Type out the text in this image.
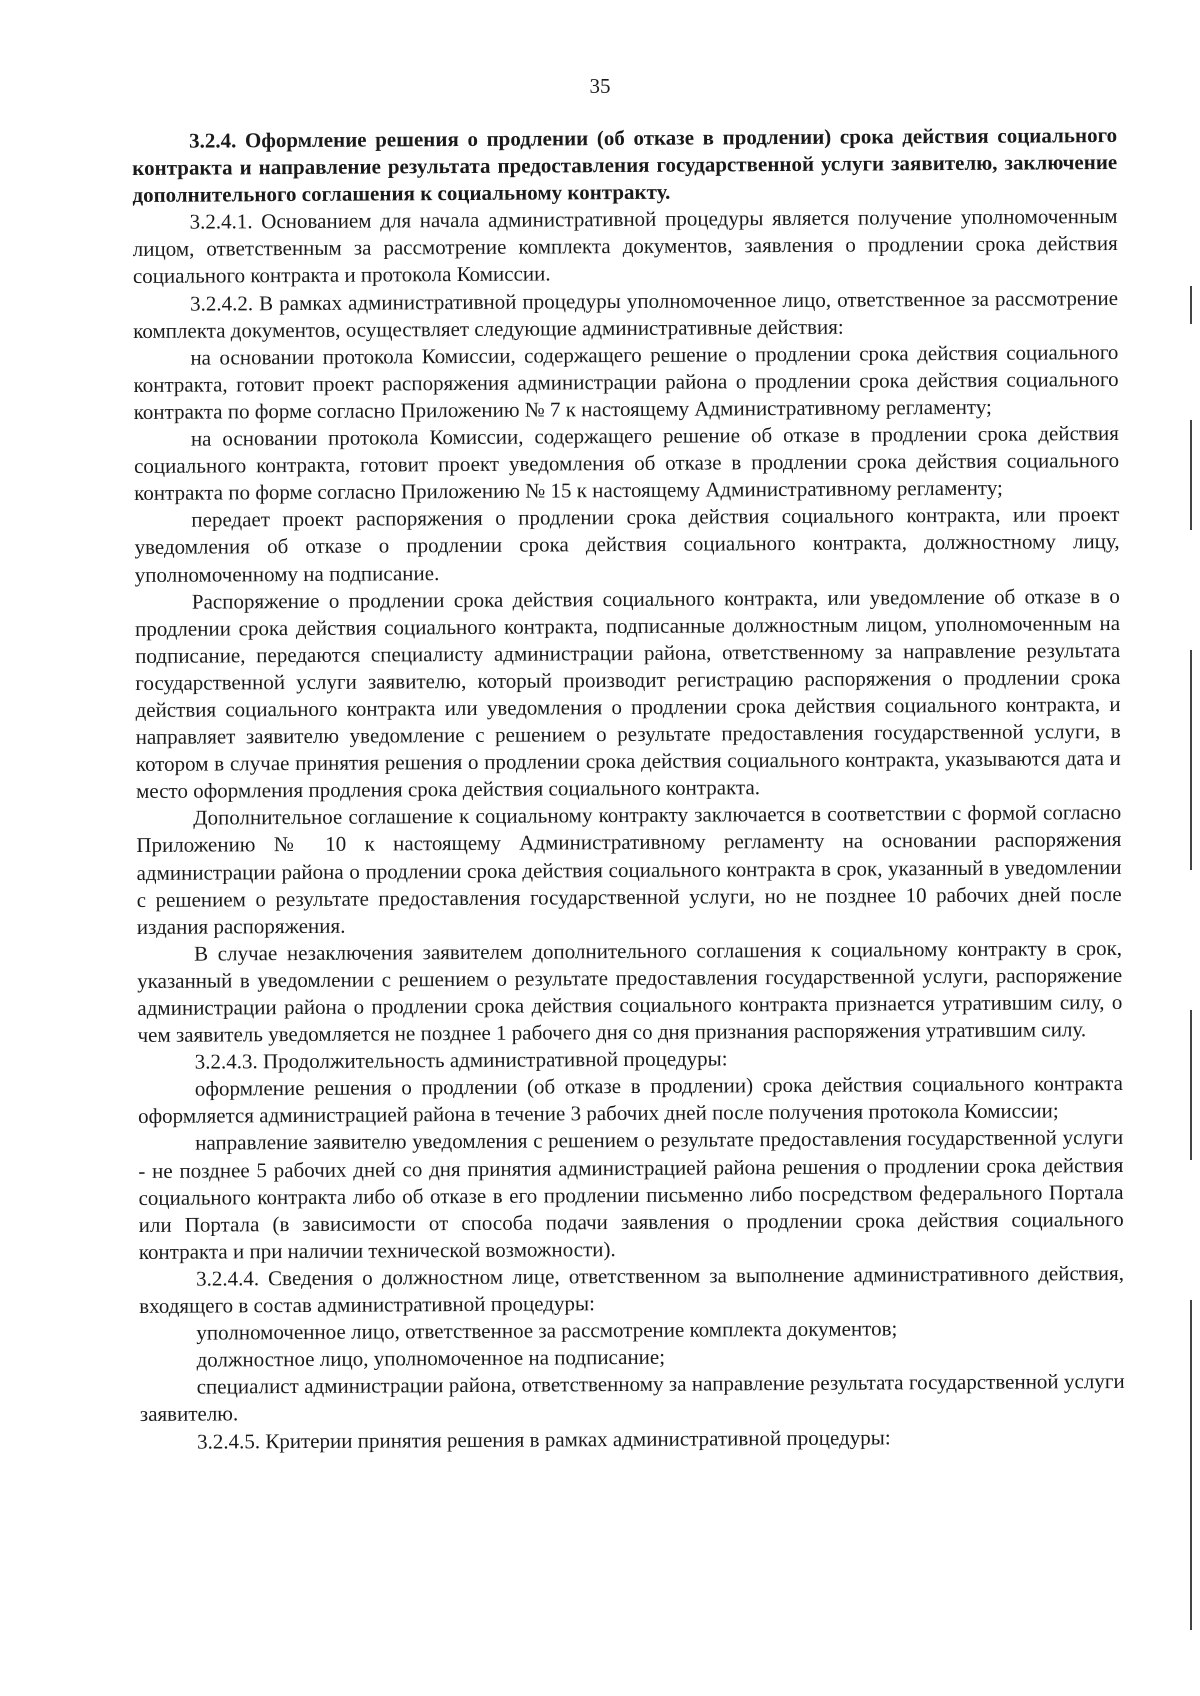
35

3.2.4. Оформление решения о продлении (об отказе в продлении) срока действия социального контракта и направление результата предоставления государственной услуги заявителю, заключение дополнительного соглашения к социальному контракту.

3.2.4.1. Основанием для начала административной процедуры является получение уполномоченным лицом, ответственным за рассмотрение комплекта документов, заявления о продлении срока действия социального контракта и протокола Комиссии.

3.2.4.2. В рамках административной процедуры уполномоченное лицо, ответственное за рассмотрение комплекта документов, осуществляет следующие административные действия:

на основании протокола Комиссии, содержащего решение о продлении срока действия социального контракта, готовит проект распоряжения администрации района о продлении срока действия социального контракта по форме согласно Приложению № 7 к настоящему Административному регламенту;

на основании протокола Комиссии, содержащего решение об отказе в продлении срока действия социального контракта, готовит проект уведомления об отказе в продлении срока действия социального контракта по форме согласно Приложению № 15 к настоящему Административному регламенту;

передает проект распоряжения о продлении срока действия социального контракта, или проект уведомления об отказе о продлении срока действия социального контракта, должностному лицу, уполномоченному на подписание.

Распоряжение о продлении срока действия социального контракта, или уведомление об отказе в о продлении срока действия социального контракта, подписанные должностным лицом, уполномоченным на подписание, передаются специалисту администрации района, ответственному за направление результата государственной услуги заявителю, который производит регистрацию распоряжения о продлении срока действия социального контракта или уведомления о продлении срока действия социального контракта, и направляет заявителю уведомление с решением о результате предоставления государственной услуги, в котором в случае принятия решения о продлении срока действия социального контракта, указываются дата и место оформления продления срока действия социального контракта.

Дополнительное соглашение к социальному контракту заключается в соответствии с формой согласно Приложению № 10 к настоящему Административному регламенту на основании распоряжения администрации района о продлении срока действия социального контракта в срок, указанный в уведомлении с решением о результате предоставления государственной услуги, но не позднее 10 рабочих дней после издания распоряжения.

В случае незаключения заявителем дополнительного соглашения к социальному контракту в срок, указанный в уведомлении с решением о результате предоставления государственной услуги, распоряжение администрации района о продлении срока действия социального контракта признается утратившим силу, о чем заявитель уведомляется не позднее 1 рабочего дня со дня признания распоряжения утратившим силу.

3.2.4.3. Продолжительность административной процедуры:

оформление решения о продлении (об отказе в продлении) срока действия социального контракта оформляется администрацией района в течение 3 рабочих дней после получения протокола Комиссии;

направление заявителю уведомления с решением о результате предоставления государственной услуги - не позднее 5 рабочих дней со дня принятия администрацией района решения о продлении срока действия социального контракта либо об отказе в его продлении письменно либо посредством федерального Портала или Портала (в зависимости от способа подачи заявления о продлении срока действия социального контракта и при наличии технической возможности).

3.2.4.4. Сведения о должностном лице, ответственном за выполнение административного действия, входящего в состав административной процедуры:

уполномоченное лицо, ответственное за рассмотрение комплекта документов;

должностное лицо, уполномоченное на подписание;

специалист администрации района, ответственному за направление результата государственной услуги заявителю.

3.2.4.5. Критерии принятия решения в рамках административной процедуры:
